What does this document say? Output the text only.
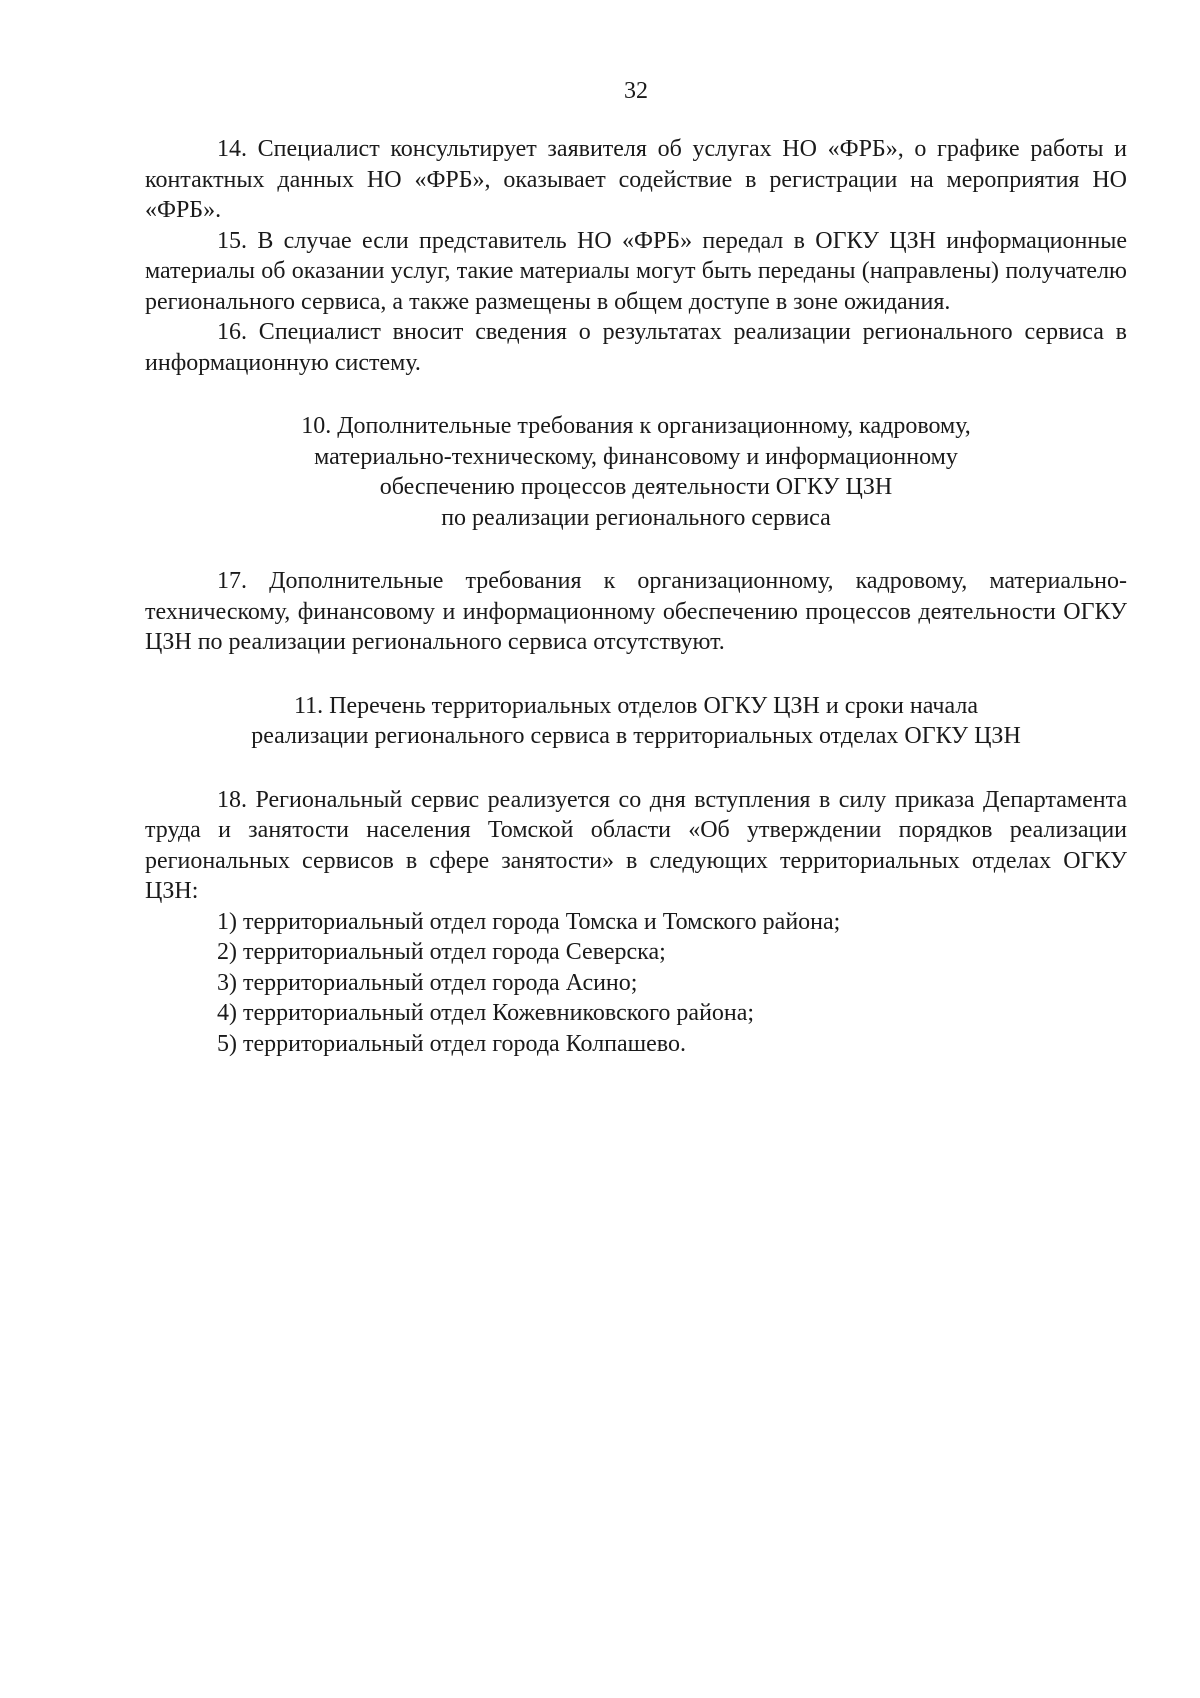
32

14. Специалист консультирует заявителя об услугах НО «ФРБ», о графике работы и контактных данных НО «ФРБ», оказывает содействие в регистрации на мероприятия НО «ФРБ».

15. В случае если представитель НО «ФРБ» передал в ОГКУ ЦЗН информационные материалы об оказании услуг, такие материалы могут быть переданы (направлены) получателю регионального сервиса, а также размещены в общем доступе в зоне ожидания.

16. Специалист вносит сведения о результатах реализации регионального сервиса в информационную систему.

10. Дополнительные требования к организационному, кадровому,

материально-техническому, финансовому и информационному

обеспечению процессов деятельности ОГКУ ЦЗН

по реализации регионального сервиса

17. Дополнительные требования к организационному, кадровому, материально-техническому, финансовому и информационному обеспечению процессов деятельности ОГКУ ЦЗН по реализации регионального сервиса отсутствуют.

11. Перечень территориальных отделов ОГКУ ЦЗН и сроки начала

реализации регионального сервиса в территориальных отделах ОГКУ ЦЗН

18. Региональный сервис реализуется со дня вступления в силу приказа Департамента труда и занятости населения Томской области «Об утверждении порядков реализации региональных сервисов в сфере занятости» в следующих территориальных отделах ОГКУ ЦЗН:

1) территориальный отдел города Томска и Томского района;

2) территориальный отдел города Северска;

3) территориальный отдел города Асино;

4) территориальный отдел Кожевниковского района;

5) территориальный отдел города Колпашево.
